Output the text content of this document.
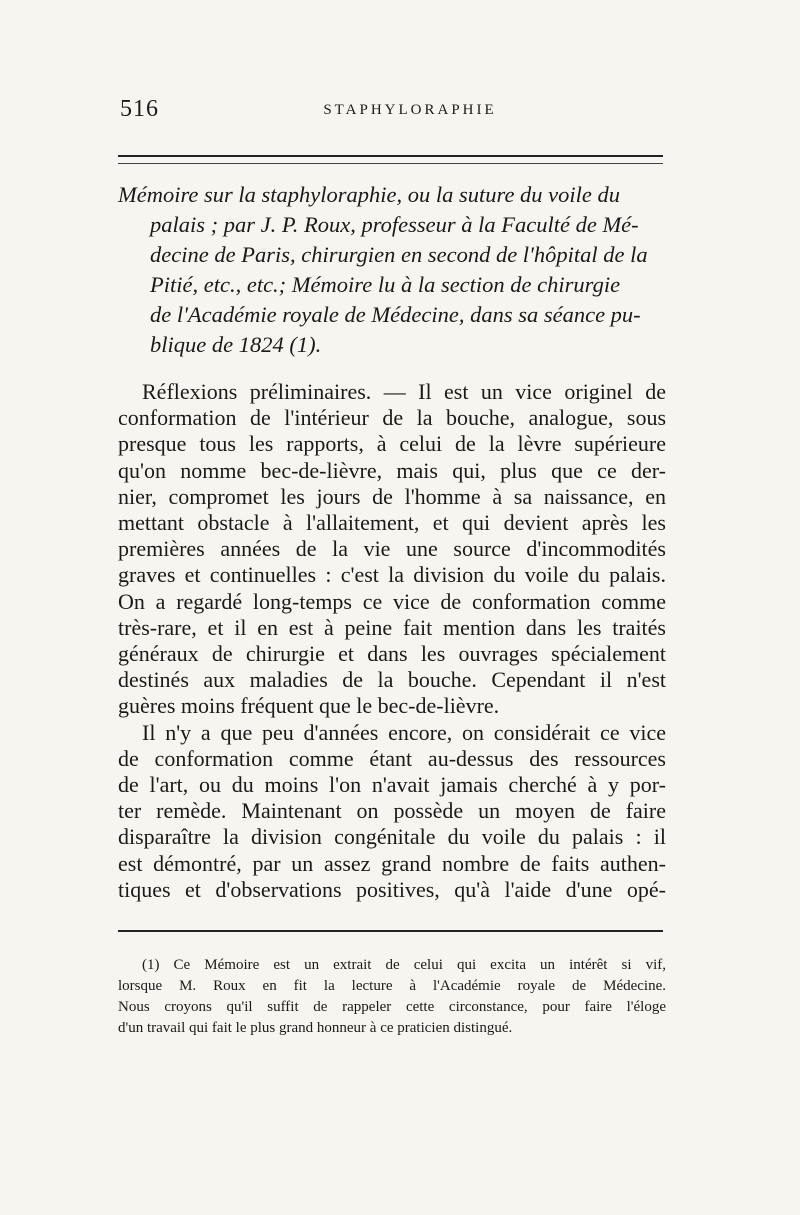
516	STAPHYLORAPHIE
Mémoire sur la staphyloraphie, ou la suture du voile du
palais ; par J. P. Roux, professeur à la Faculté de Mé-
decine de Paris, chirurgien en second de l'hôpital de la
Pitié, etc., etc.; Mémoire lu à la section de chirurgie
de l'Académie royale de Médecine, dans sa séance pu-
blique de 1824 (1).
Réflexions préliminaires. — Il est un vice originel de
conformation de l'intérieur de la bouche, analogue, sous
presque tous les rapports, à celui de la lèvre supérieure
qu'on nomme bec-de-lièvre, mais qui, plus que ce der-
nier, compromet les jours de l'homme à sa naissance, en
mettant obstacle à l'allaitement, et qui devient après les
premières années de la vie une source d'incommodités
graves et continuelles : c'est la division du voile du palais.
On a regardé long-temps ce vice de conformation comme
très-rare, et il en est à peine fait mention dans les traités
généraux de chirurgie et dans les ouvrages spécialement
destinés aux maladies de la bouche. Cependant il n'est
guères moins fréquent que le bec-de-lièvre.
Il n'y a que peu d'années encore, on considérait ce vice
de conformation comme étant au-dessus des ressources
de l'art, ou du moins l'on n'avait jamais cherché à y por-
ter remède. Maintenant on possède un moyen de faire
disparaître la division congénitale du voile du palais : il
est démontré, par un assez grand nombre de faits authen-
tiques et d'observations positives, qu'à l'aide d'une opé-
(1) Ce Mémoire est un extrait de celui qui excita un intérêt si vif,
lorsque M. Roux en fit la lecture à l'Académie royale de Médecine.
Nous croyons qu'il suffit de rappeler cette circonstance, pour faire l'éloge
d'un travail qui fait le plus grand honneur à ce praticien distingué.
